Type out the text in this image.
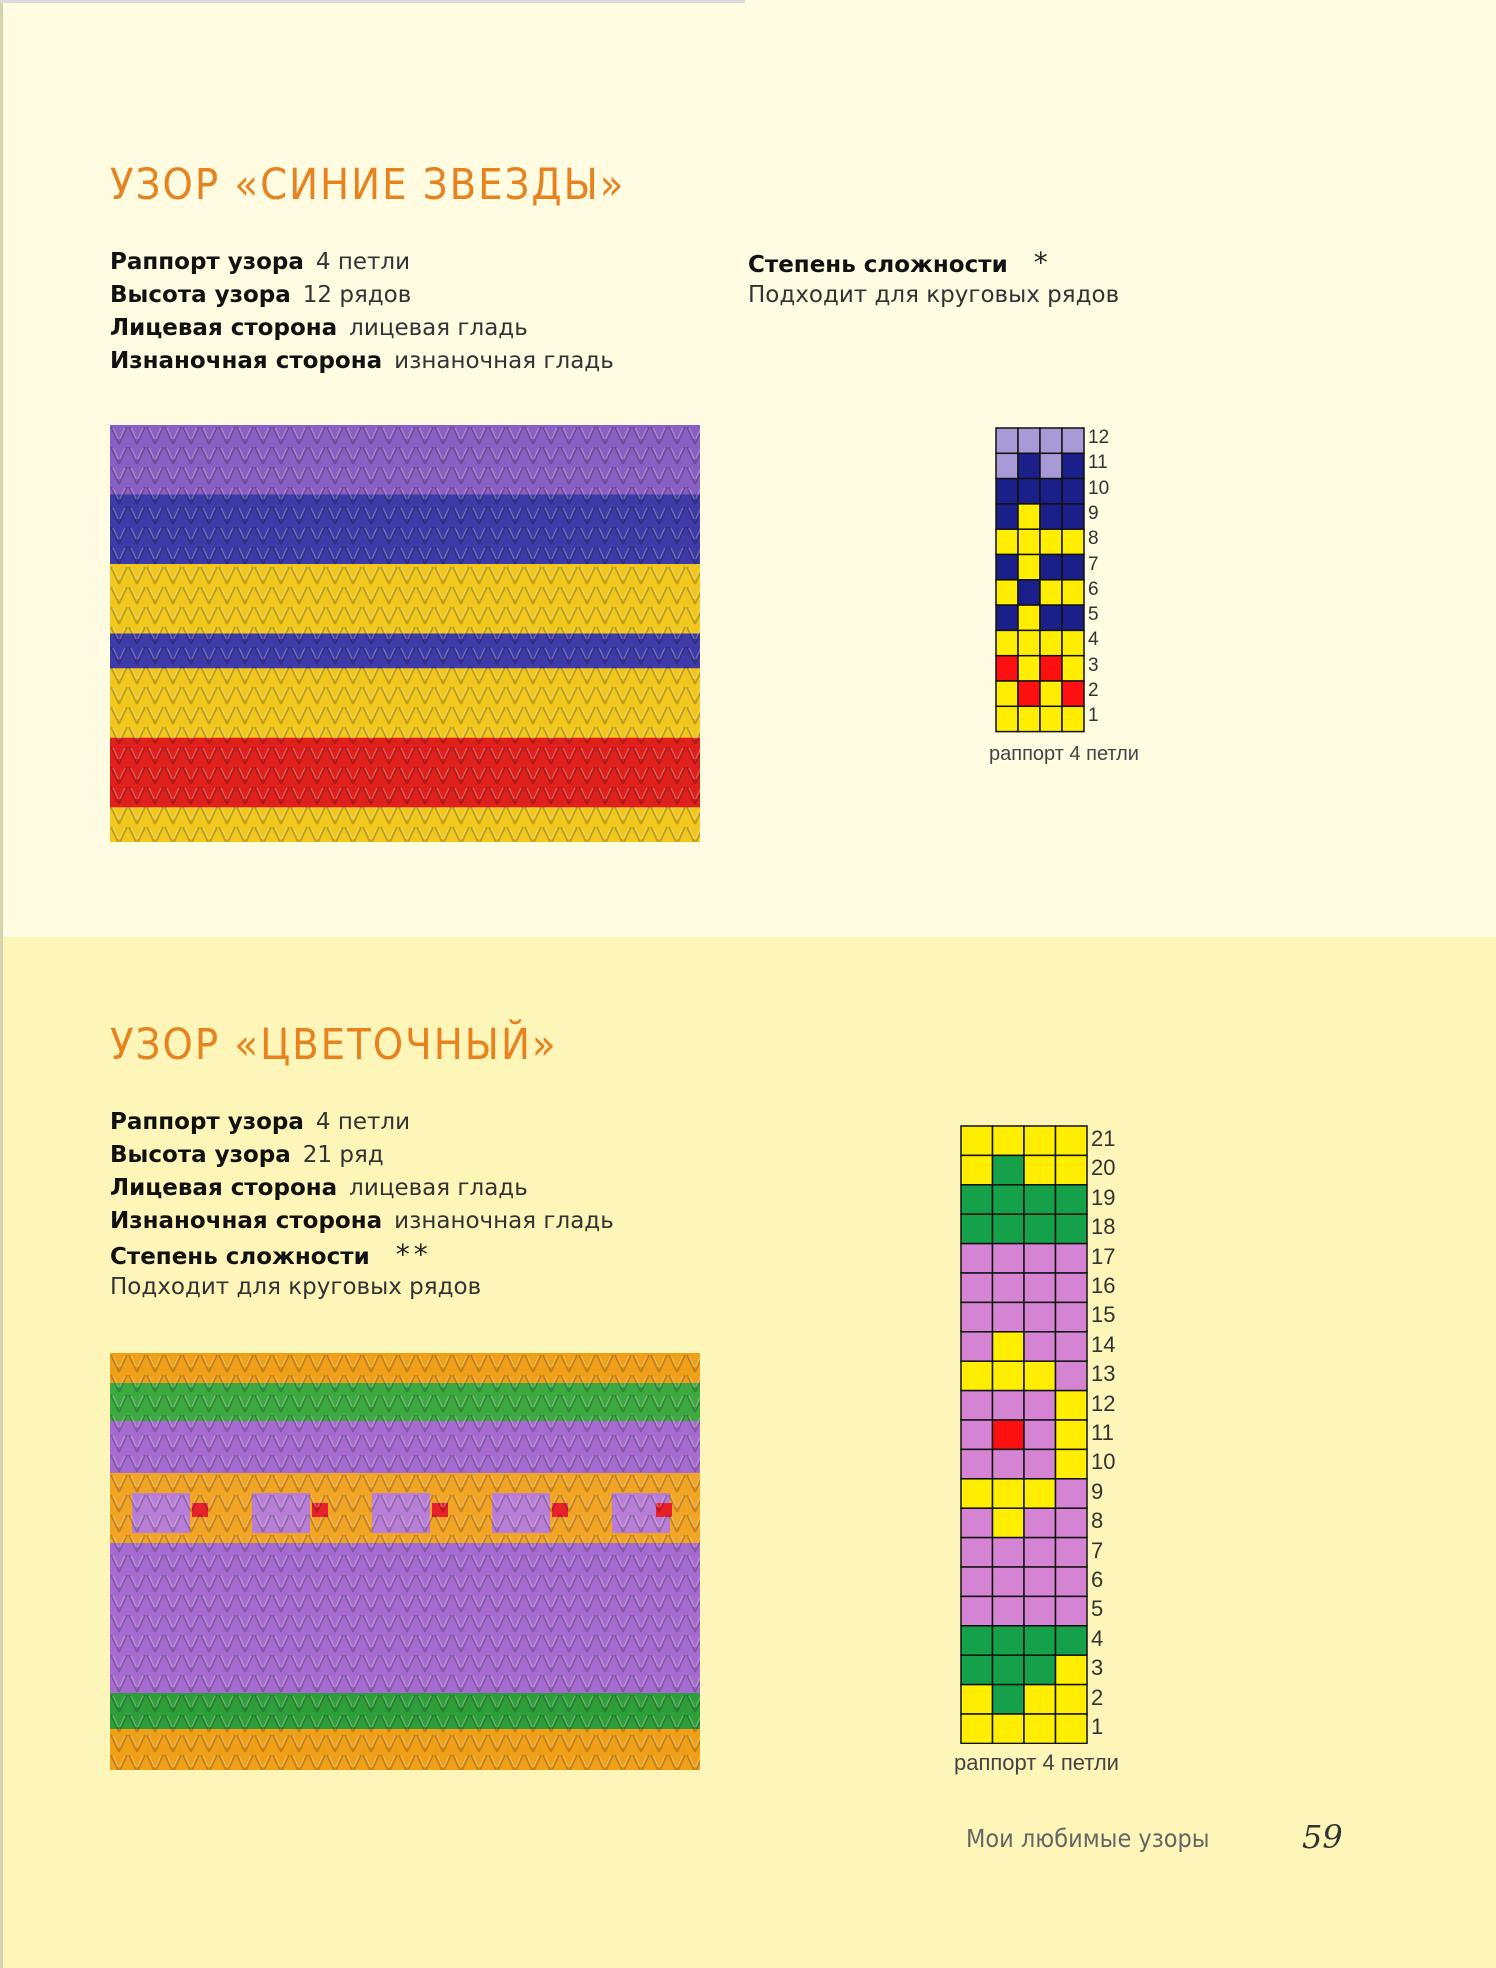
УЗОР «СИНИЕ ЗВЕЗДЫ»
Раппорт узора 4 петли
Высота узора 12 рядов
Лицевая сторона лицевая гладь
Изнаночная сторона изнаночная гладь
Степень сложности *
Подходит для круговых рядов
12
11
10
9
8
7
6
5
4
3
2
1
раппорт 4 петли
УЗОР «ЦВЕТОЧНЫЙ»
Раппорт узора 4 петли
Высота узора 21 ряд
Лицевая сторона лицевая гладь
Изнаночная сторона изнаночная гладь
Степень сложности **
Подходит для круговых рядов
21
20
19
18
17
16
15
14
13
12
11
10
9
8
7
6
5
4
3
2
1
раппорт 4 петли
Мои любимые узоры	59
